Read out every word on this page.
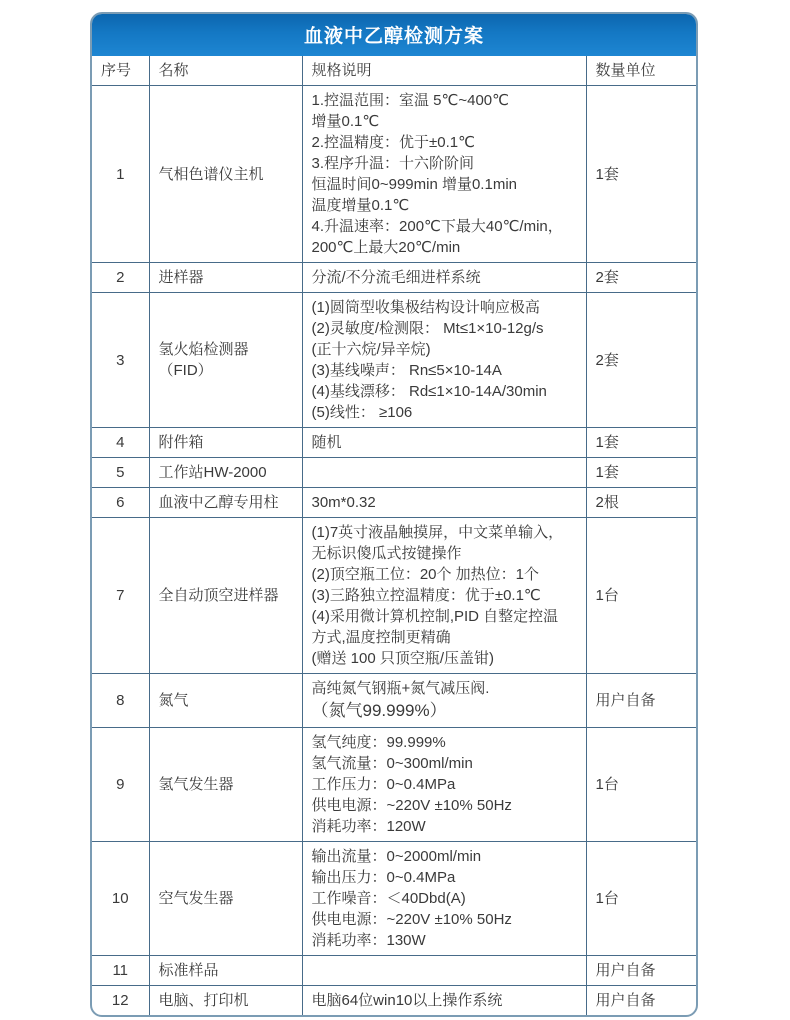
血液中乙醇检测方案
序号	名称	规格说明	数量单位
1	气相色谱仪主机	
1.控温范围：室温 5℃~400℃
增量0.1℃
2.控温精度：优于±0.1℃
3.程序升温：十六阶阶间
恒温时间0~999min 增量0.1min
温度增量0.1℃
4.升温速率：200℃下最大40℃/min，
200℃上最大20℃/min
	1套
2	进样器	分流/不分流毛细进样系统	2套
3	氢火焰检测器（FID）	
(1)圆筒型收集极结构设计响应极高
(2)灵敏度/检测限： Mt≤1×10-12g/s
(正十六烷/异辛烷)
(3)基线噪声： Rn≤5×10-14A
(4)基线漂移： Rd≤1×10-14A/30min
(5)线性： ≥106
	2套
4	附件箱	随机	1套
5	工作站HW-2000		1套
6	血液中乙醇专用柱	30m*0.32	2根
7	全自动顶空进样器	
(1)7英寸液晶触摸屏，中文菜单输入，
无标识傻瓜式按键操作
(2)顶空瓶工位：20个 加热位：1个
(3)三路独立控温精度：优于±0.1℃
(4)采用微计算机控制,PID 自整定控温
方式,温度控制更精确
(赠送 100 只顶空瓶/压盖钳)
	1台
8	氮气	高纯氮气钢瓶+氮气减压阀.
（氮气99.999%）	用户自备
9	氢气发生器	氢气纯度：99.999%
氢气流量：0~300ml/min
工作压力：0~0.4MPa
供电电源：~220V ±10% 50Hz
消耗功率：120W	1台
10	空气发生器	输出流量：0~2000ml/min
输出压力：0~0.4MPa
工作噪音：＜40Dbd(A)
供电电源：~220V ±10% 50Hz
消耗功率：130W	1台
11	标准样品		用户自备
12	电脑、打印机	电脑64位win10以上操作系统	用户自备
